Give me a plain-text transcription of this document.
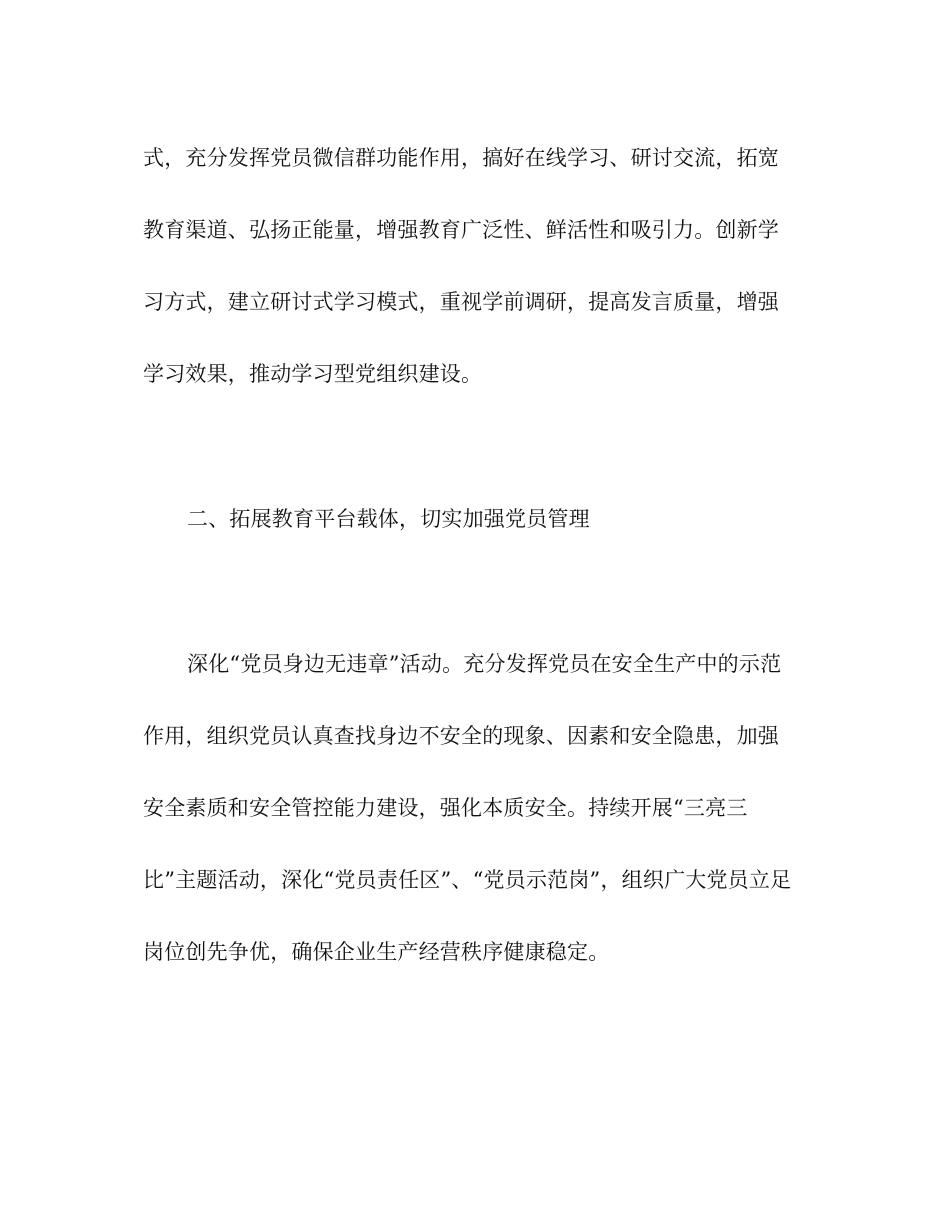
式，充分发挥党员微信群功能作用，搞好在线学习、研讨交流，拓宽
教育渠道、弘扬正能量，增强教育广泛性、鲜活性和吸引力。创新学
习方式，建立研讨式学习模式，重视学前调研，提高发言质量，增强
学习效果，推动学习型党组织建设。
二、拓展教育平台载体，切实加强党员管理
深化“党员身边无违章”活动。充分发挥党员在安全生产中的示范
作用，组织党员认真查找身边不安全的现象、因素和安全隐患，加强
安全素质和安全管控能力建设，强化本质安全。持续开展“三亮三
比”主题活动，深化“党员责任区”、“党员示范岗”，组织广大党员立足
岗位创先争优，确保企业生产经营秩序健康稳定。
